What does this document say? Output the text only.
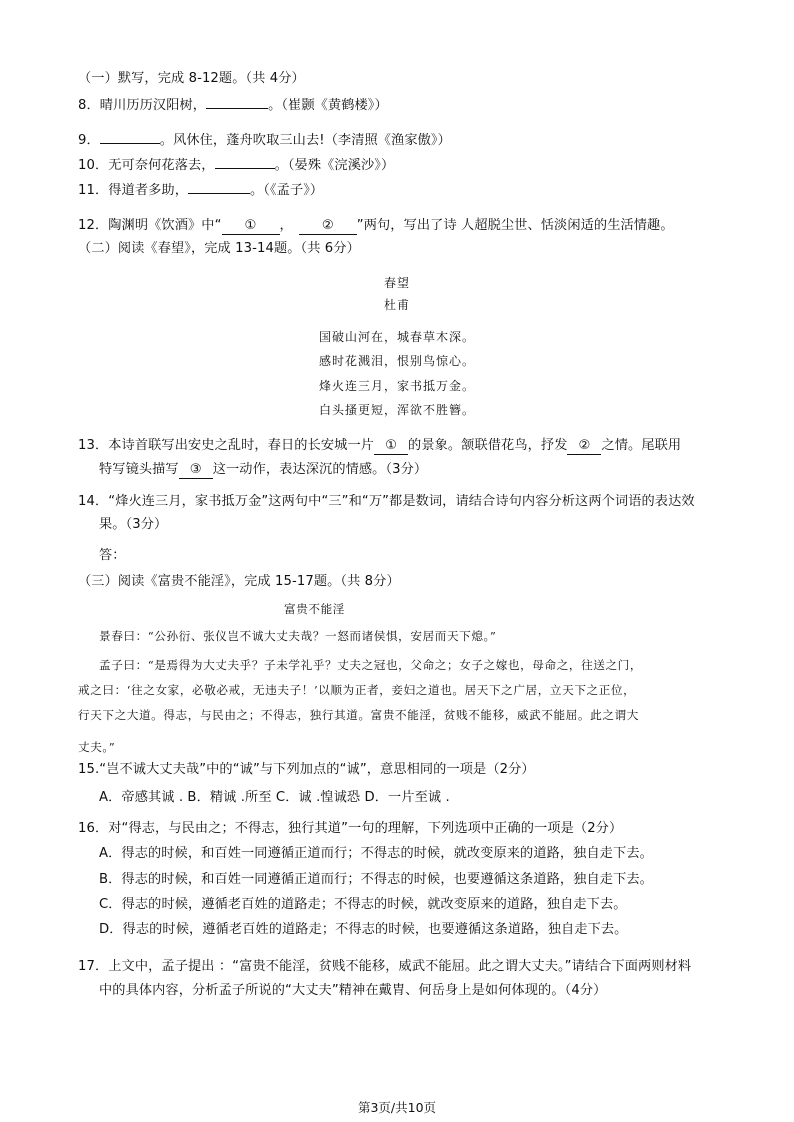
（一）默写，完成 8-12题。（共 4分）
8．晴川历历汉阳树，	。（崔颢《黄鹤楼》）
9．	。风休住，蓬舟吹取三山去!（李清照《渔家傲》）
10．无可奈何花落去，	。（晏殊《浣溪沙》）
11．得道者多助，	。（《孟子》）
12．陶渊明《饮酒》中“ ① ， ② ”两句，写出了诗 人超脱尘世、恬淡闲适的生活情趣。
（二）阅读《春望》，完成 13-14题。（共 6分）
春望
杜甫
国破山河在，城春草木深。
感时花溅泪，恨别鸟惊心。
烽火连三月，家书抵万金。
白头搔更短，浑欲不胜簪。
13．本诗首联写出安史之乱时，春日的长安城一片 ① 的景象。颔联借花鸟，抒发 ② 之情。尾联用
特写镜头描写 ③ 这一动作，表达深沉的情感。（3分）
14．“烽火连三月，家书抵万金”这两句中“三”和“万”都是数词，请结合诗句内容分析这两个词语的表达效
果。（3分）
答：
（三）阅读《富贵不能淫》，完成 15-17题。（共 8分）
富贵不能淫
景春曰：“公孙衍、张仪岂不诚大丈夫哉？一怒而诸侯惧，安居而天下熄。”
孟子曰：“是焉得为大丈夫乎？子未学礼乎？丈夫之冠也，父命之；女子之嫁也，母命之，往送之门，
戒之曰：‘往之女家，必敬必戒，无违夫子！’以顺为正者，妾妇之道也。居天下之广居，立天下之正位，
行天下之大道。得志，与民由之；不得志，独行其道。富贵不能淫，贫贱不能移，威武不能屈。此之谓大
丈夫。”
15.“岂不诚大丈夫哉”中的“诚”与下列加点的“诚”，意思相同的一项是（2分）
A．帝感其诚 . B．精诚 .所至 C．诚 .惶诚恐 D．一片至诚 .
16．对“得志，与民由之；不得志，独行其道”一句的理解，下列选项中正确的一项是（2分）
A．得志的时候，和百姓一同遵循正道而行；不得志的时候，就改变原来的道路，独自走下去。
B．得志的时候，和百姓一同遵循正道而行；不得志的时候，也要遵循这条道路，独自走下去。
C．得志的时候，遵循老百姓的道路走；不得志的时候，就改变原来的道路，独自走下去。
D．得志的时候，遵循老百姓的道路走；不得志的时候，也要遵循这条道路，独自走下去。
17．上文中，孟子提出 ：“富贵不能淫，贫贱不能移，威武不能屈。此之谓大丈夫。”请结合下面两则材料
中的具体内容，分析孟子所说的“大丈夫”精神在戴胄、何岳身上是如何体现的。（4分）
第3页/共10页
